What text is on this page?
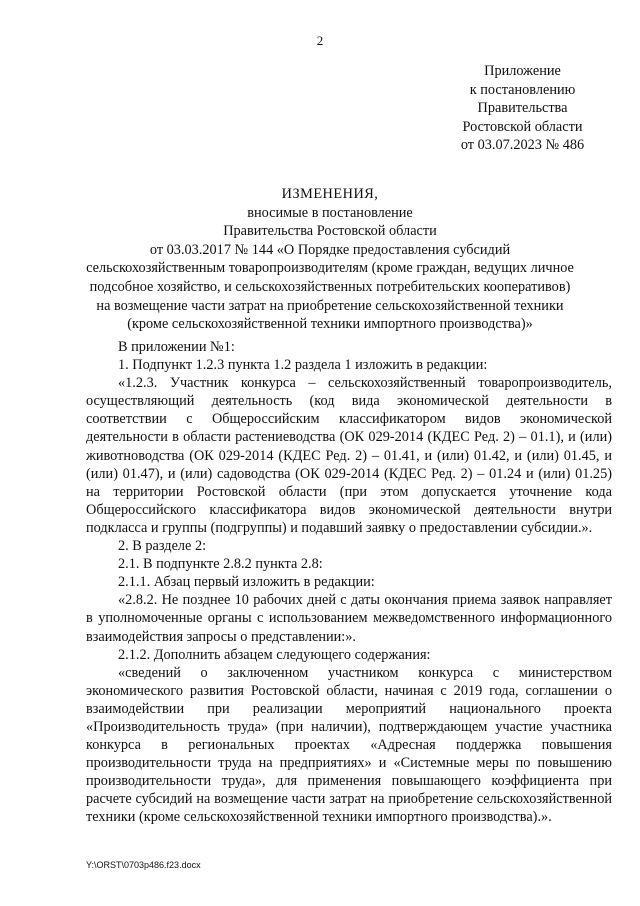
2
Приложение
к постановлению
Правительства
Ростовской области
от 03.07.2023 № 486
ИЗМЕНЕНИЯ,
вносимые в постановление
Правительства Ростовской области
от 03.03.2017 № 144 «О Порядке предоставления субсидий
сельскохозяйственным товаропроизводителям (кроме граждан, ведущих личное
подсобное хозяйство, и сельскохозяйственных потребительских кооперативов)
на возмещение части затрат на приобретение сельскохозяйственной техники
(кроме сельскохозяйственной техники импортного производства)»

В приложении №1:

1. Подпункт 1.2.3 пункта 1.2 раздела 1 изложить в редакции:

«1.2.3. Участник конкурса – сельскохозяйственный товаропроизводитель, осуществляющий деятельность (код вида экономической деятельности в соответствии с Общероссийским классификатором видов экономической деятельности в области растениеводства (ОК 029-2014 (КДЕС Ред. 2) – 01.1), и (или) животноводства (ОК 029-2014 (КДЕС Ред. 2) – 01.41, и (или) 01.42, и (или) 01.45, и (или) 01.47), и (или) садоводства (ОК 029-2014 (КДЕС Ред. 2) – 01.24 и (или) 01.25) на территории Ростовской области (при этом допускается уточнение кода Общероссийского классификатора видов экономической деятельности внутри подкласса и группы (подгруппы) и подавший заявку о предоставлении субсидии.».

2. В разделе 2:

2.1. В подпункте 2.8.2 пункта 2.8:

2.1.1. Абзац первый изложить в редакции:

«2.8.2. Не позднее 10 рабочих дней с даты окончания приема заявок направляет в уполномоченные органы с использованием межведомственного информационного взаимодействия запросы о представлении:».

2.1.2. Дополнить абзацем следующего содержания:

«сведений о заключенном участником конкурса с министерством экономического развития Ростовской области, начиная с 2019 года, соглашении о взаимодействии при реализации мероприятий национального проекта «Производительность труда» (при наличии), подтверждающем участие участника конкурса в региональных проектах «Адресная поддержка повышения производительности труда на предприятиях» и «Системные меры по повышению производительности труда», для применения повышающего коэффициента при расчете субсидий на возмещение части затрат на приобретение сельскохозяйственной техники (кроме сельскохозяйственной техники импортного производства).».

Y:\ORST\0703p486.f23.docx
